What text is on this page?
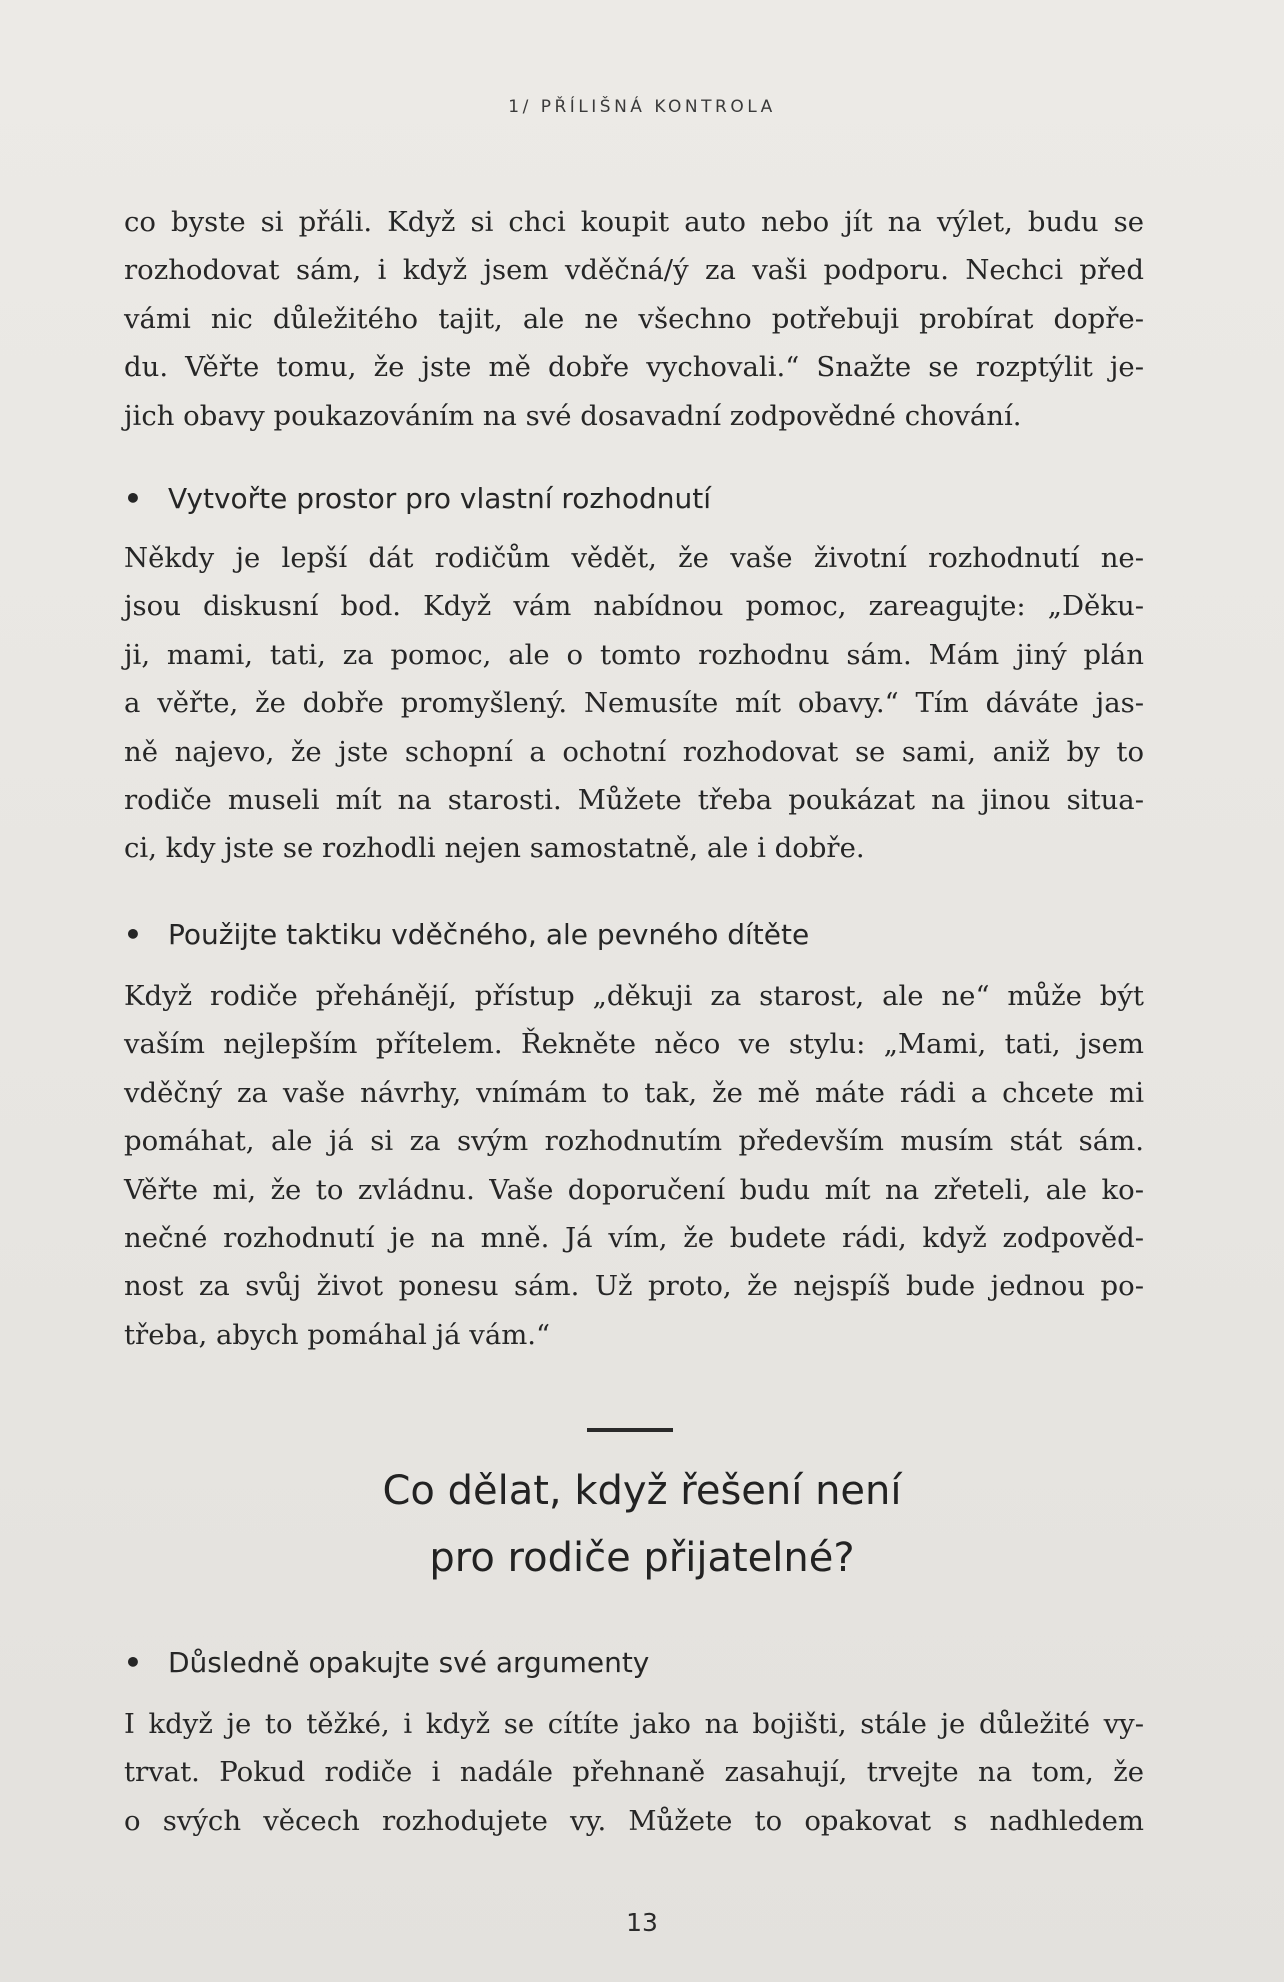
1/ PŘÍLIŠNÁ KONTROLA
co byste si přáli. Když si chci koupit auto nebo jít na výlet, budu se
rozhodovat sám, i když jsem vděčná/ý za vaši podporu. Nechci před
vámi nic důležitého tajit, ale ne všechno potřebuji probírat dopře-
du. Věřte tomu, že jste mě dobře vychovali.“ Snažte se rozptýlit je-
jich obavy poukazováním na své dosavadní zodpovědné chování.
• Vytvořte prostor pro vlastní rozhodnutí
Někdy je lepší dát rodičům vědět, že vaše životní rozhodnutí ne-
jsou diskusní bod. Když vám nabídnou pomoc, zareagujte: „Děku-
ji, mami, tati, za pomoc, ale o tomto rozhodnu sám. Mám jiný plán
a věřte, že dobře promyšlený. Nemusíte mít obavy.“ Tím dáváte jas-
ně najevo, že jste schopní a ochotní rozhodovat se sami, aniž by to
rodiče museli mít na starosti. Můžete třeba poukázat na jinou situa-
ci, kdy jste se rozhodli nejen samostatně, ale i dobře.
• Použijte taktiku vděčného, ale pevného dítěte
Když rodiče přehánějí, přístup „děkuji za starost, ale ne“ může být
vaším nejlepším přítelem. Řekněte něco ve stylu: „Mami, tati, jsem
vděčný za vaše návrhy, vnímám to tak, že mě máte rádi a chcete mi
pomáhat, ale já si za svým rozhodnutím především musím stát sám.
Věřte mi, že to zvládnu. Vaše doporučení budu mít na zřeteli, ale ko-
nečné rozhodnutí je na mně. Já vím, že budete rádi, když zodpověd-
nost za svůj život ponesu sám. Už proto, že nejspíš bude jednou po-
třeba, abych pomáhal já vám.“
Co dělat, když řešení není
pro rodiče přijatelné?
• Důsledně opakujte své argumenty
I když je to těžké, i když se cítíte jako na bojišti, stále je důležité vy-
trvat. Pokud rodiče i nadále přehnaně zasahují, trvejte na tom, že
o svých věcech rozhodujete vy. Můžete to opakovat s nadhledem
13
